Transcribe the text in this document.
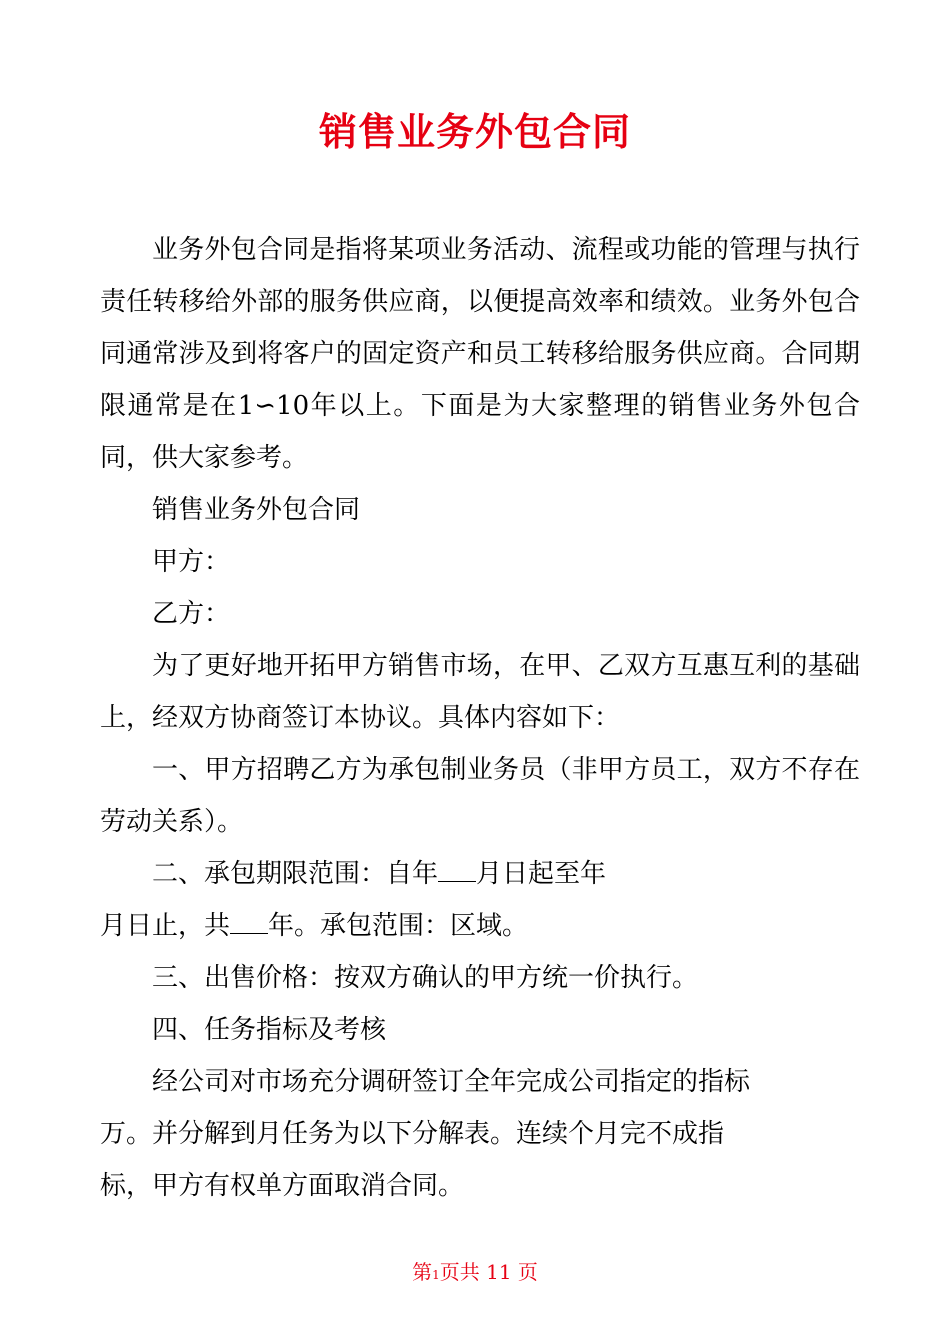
销售业务外包合同

业务外包合同是指将某项业务活动、流程或功能的管理与执行责任转移给外部的服务供应商，以便提高效率和绩效。业务外包合同通常涉及到将客户的固定资产和员工转移给服务供应商。合同期限通常是在1∽10年以上。下面是为大家整理的销售业务外包合同，供大家参考。

销售业务外包合同

甲方：

乙方：

为了更好地开拓甲方销售市场，在甲、乙双方互惠互利的基础上，经双方协商签订本协议。具体内容如下：

一、甲方招聘乙方为承包制业务员（非甲方员工，双方不存在劳动关系）。

二、承包期限范围：自年 月日起至年

月日止，共 年。承包范围：区域。

三、出售价格：按双方确认的甲方统一价执行。

四、任务指标及考核

经公司对市场充分调研签订全年完成公司指定的指标

万。并分解到月任务为以下分解表。连续个月完不成指

标，甲方有权单方面取消合同。

第1页共 11 页
